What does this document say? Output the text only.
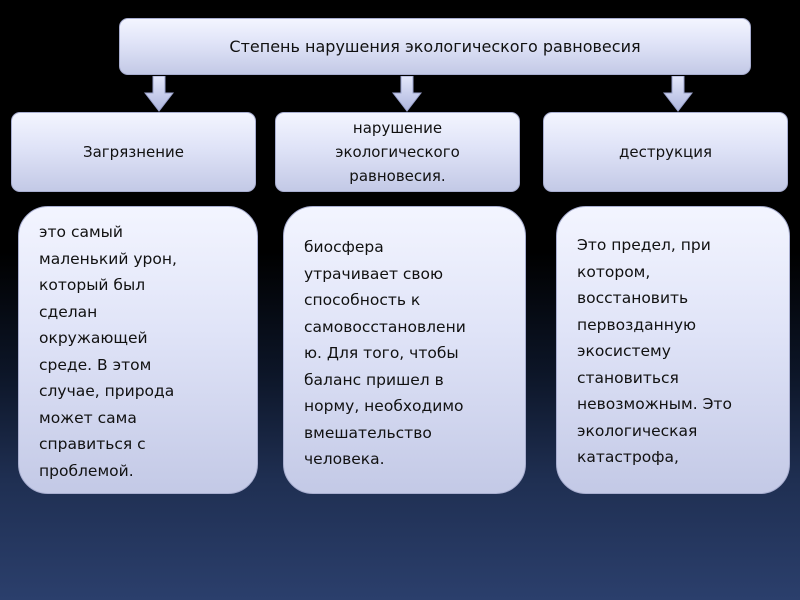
Степень нарушения экологического равновесия
Загрязнение
нарушение
экологического
равновесия.
деструкция
это самый
маленький урон,
который был
сделан
окружающей
среде. В этом
случае, природа
может сама
справиться с
проблемой.
биосфера
утрачивает свою
способность к
самовосстановлени
ю. Для того, чтобы
баланс пришел в
норму, необходимо
вмешательство
человека.
Это предел, при
котором,
восстановить
первозданную
экосистему
становиться
невозможным. Это
экологическая
катастрофа,
